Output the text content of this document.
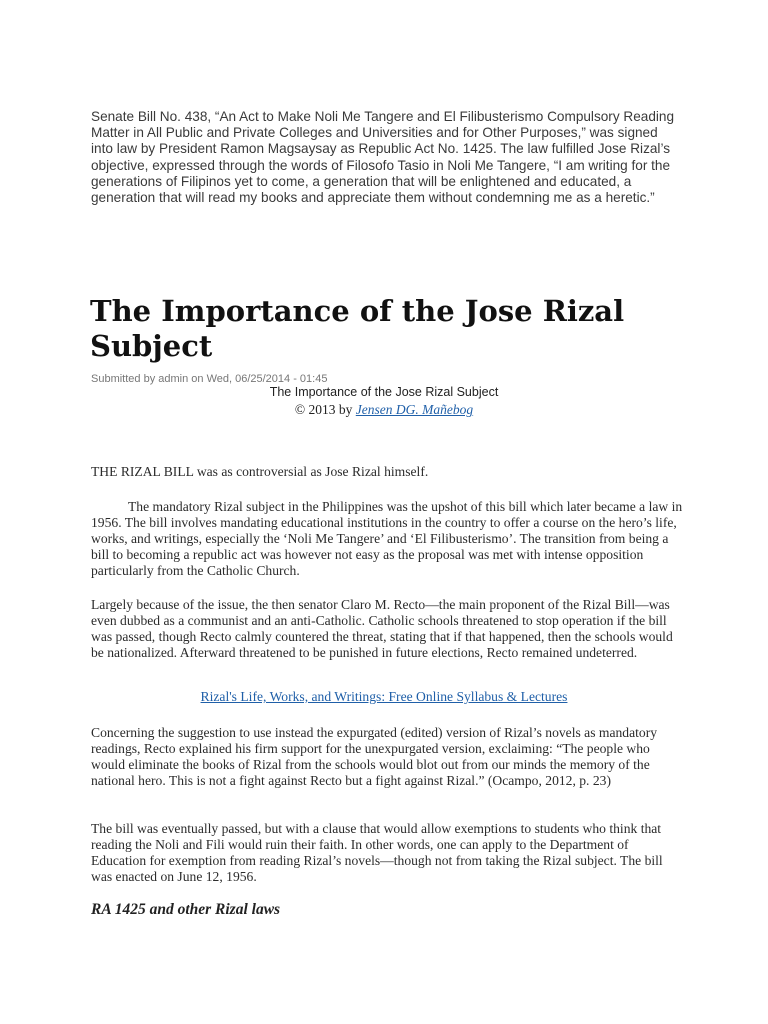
Senate Bill No. 438, “An Act to Make Noli Me Tangere and El Filibusterismo Compulsory Reading Matter in All Public and Private Colleges and Universities and for Other Purposes,” was signed into law by President Ramon Magsaysay as Republic Act No. 1425. The law fulfilled Jose Rizal’s objective, expressed through the words of Filosofo Tasio in Noli Me Tangere, “I am writing for the generations of Filipinos yet to come, a generation that will be enlightened and educated, a generation that will read my books and appreciate them without condemning me as a heretic.”

The Importance of the Jose Rizal Subject

Submitted by admin on Wed, 06/25/2014 - 01:45

The Importance of the Jose Rizal Subject

© 2013 by Jensen DG. Mañebog

THE RIZAL BILL was as controversial as Jose Rizal himself.

The mandatory Rizal subject in the Philippines was the upshot of this bill which later became a law in 1956. The bill involves mandating educational institutions in the country to offer a course on the hero’s life, works, and writings, especially the ‘Noli Me Tangere’ and ‘El Filibusterismo’. The transition from being a bill to becoming a republic act was however not easy as the proposal was met with intense opposition particularly from the Catholic Church.

Largely because of the issue, the then senator Claro M. Recto—the main proponent of the Rizal Bill—was even dubbed as a communist and an anti-Catholic. Catholic schools threatened to stop operation if the bill was passed, though Recto calmly countered the threat, stating that if that happened, then the schools would be nationalized. Afterward threatened to be punished in future elections, Recto remained undeterred.

Rizal's Life, Works, and Writings: Free Online Syllabus & Lectures

Concerning the suggestion to use instead the expurgated (edited) version of Rizal’s novels as mandatory readings, Recto explained his firm support for the unexpurgated version, exclaiming: “The people who would eliminate the books of Rizal from the schools would blot out from our minds the memory of the national hero. This is not a fight against Recto but a fight against Rizal.” (Ocampo, 2012, p. 23)

The bill was eventually passed, but with a clause that would allow exemptions to students who think that reading the Noli and Fili would ruin their faith. In other words, one can apply to the Department of Education for exemption from reading Rizal’s novels—though not from taking the Rizal subject. The bill was enacted on June 12, 1956.

RA 1425 and other Rizal laws
